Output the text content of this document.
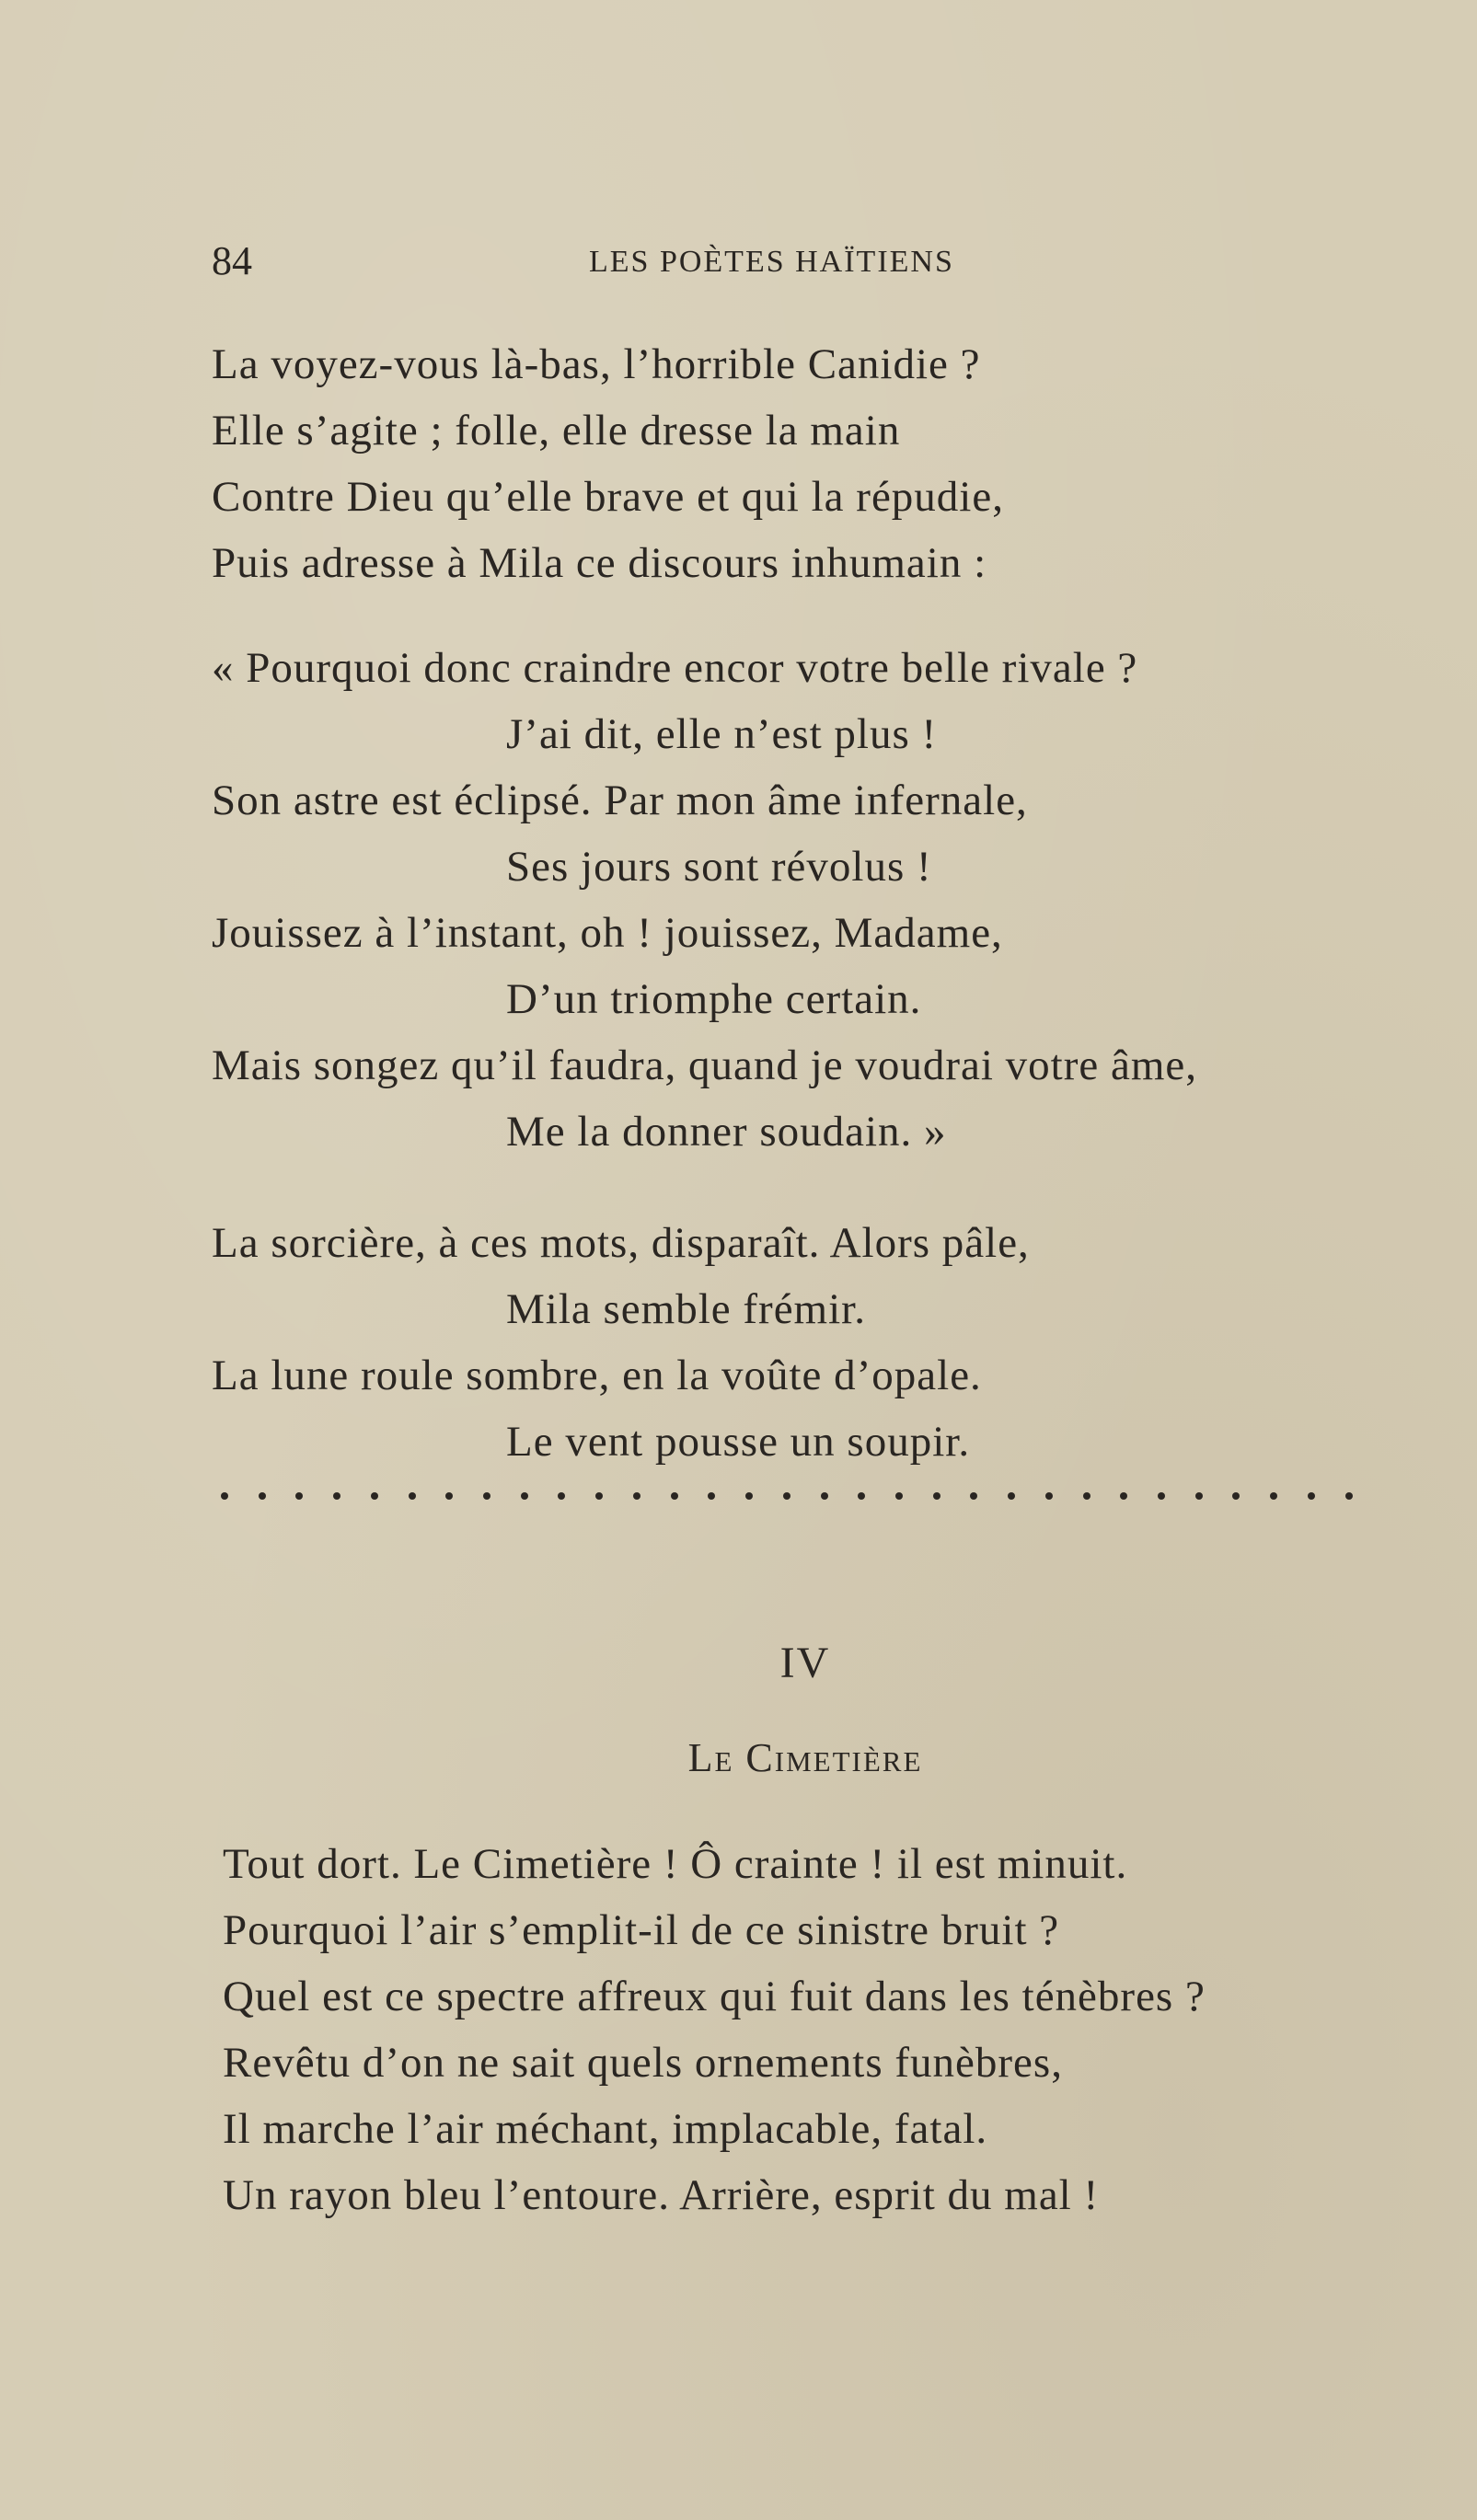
84	LES POÈTES HAÏTIENS
La voyez-vous là-bas, l’horrible Canidie ?
Elle s’agite ; folle, elle dresse la main
Contre Dieu qu’elle brave et qui la répudie,
Puis adresse à Mila ce discours inhumain :
« Pourquoi donc craindre encor votre belle rivale ?
J’ai dit, elle n’est plus !
Son astre est éclipsé. Par mon âme infernale,
Ses jours sont révolus !
Jouissez à l’instant, oh ! jouissez, Madame,
D’un triomphe certain.
Mais songez qu’il faudra, quand je voudrai votre âme,
Me la donner soudain. »
La sorcière, à ces mots, disparaît. Alors pâle,
Mila semble frémir.
La lune roule sombre, en la voûte d’opale.
Le vent pousse un soupir.
IV
Le Cimetière
Tout dort. Le Cimetière ! Ô crainte ! il est minuit.
Pourquoi l’air s’emplit-il de ce sinistre bruit ?
Quel est ce spectre affreux qui fuit dans les ténèbres ?
Revêtu d’on ne sait quels ornements funèbres,
Il marche l’air méchant, implacable, fatal.
Un rayon bleu l’entoure. Arrière, esprit du mal !
